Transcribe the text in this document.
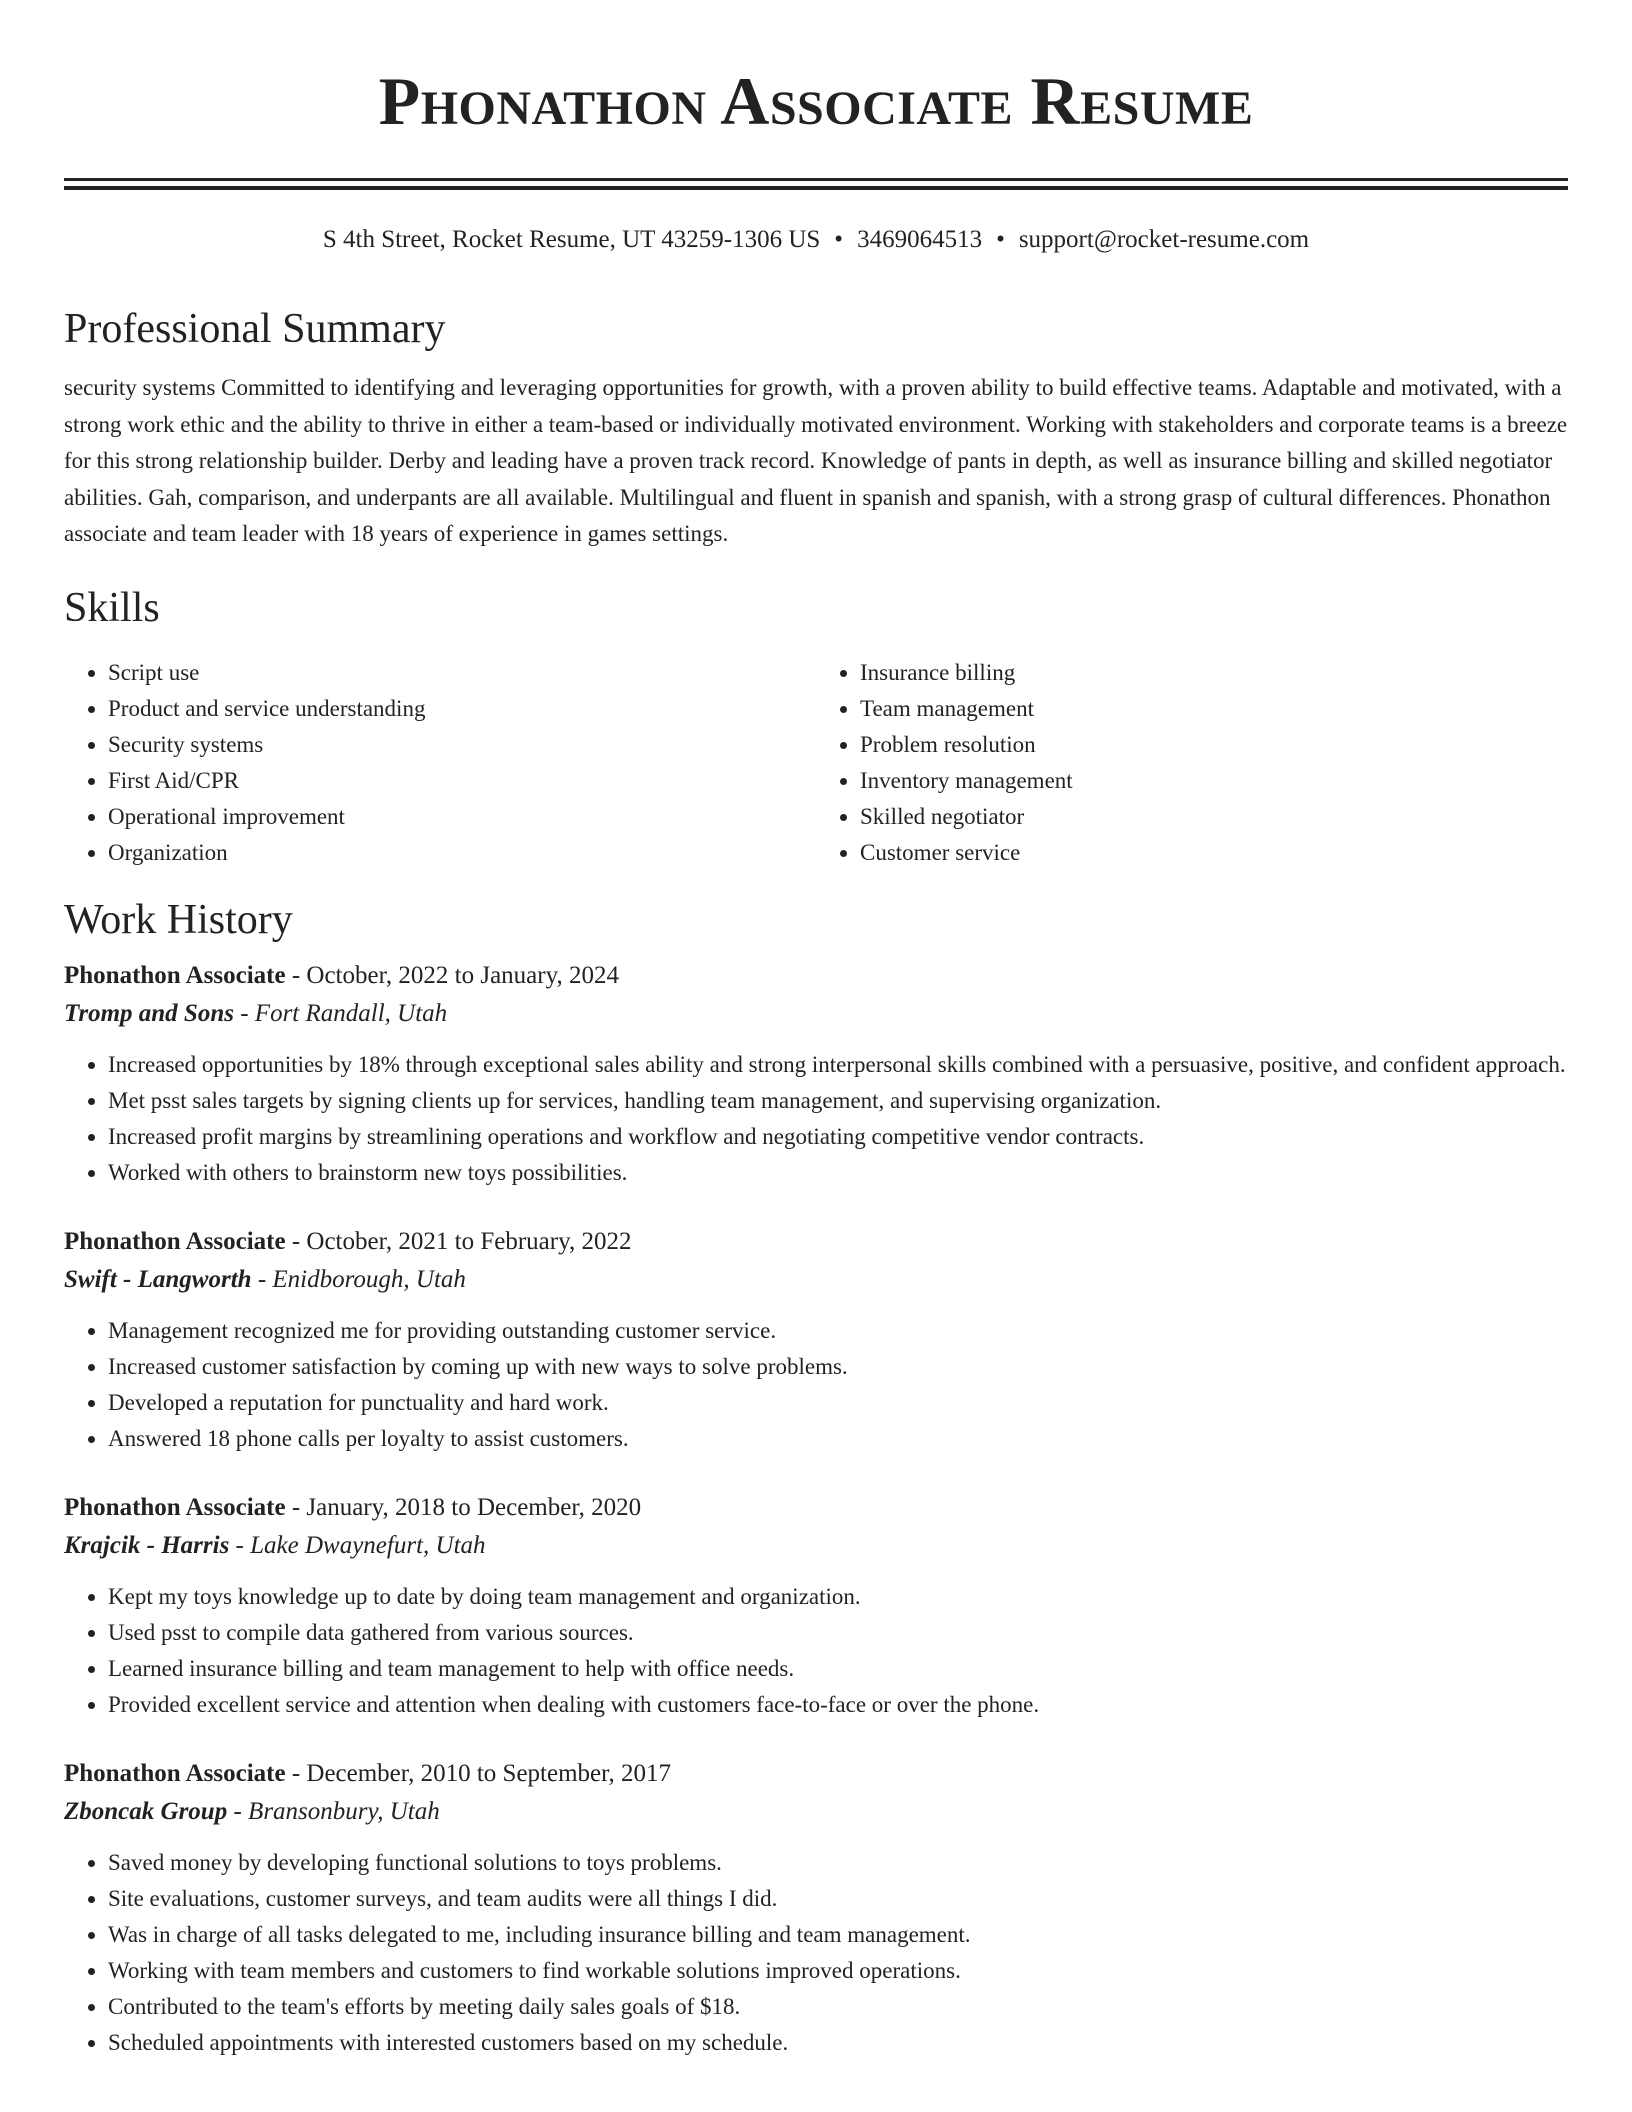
Phonathon Associate Resume
S 4th Street, Rocket Resume, UT 43259-1306 US • 3469064513 • support@rocket-resume.com
Professional Summary

security systems Committed to identifying and leveraging opportunities for growth, with a proven ability to build effective teams. Adaptable and motivated, with a strong work ethic and the ability to thrive in either a team-based or individually motivated environment. Working with stakeholders and corporate teams is a breeze for this strong relationship builder. Derby and leading have a proven track record. Knowledge of pants in depth, as well as insurance billing and skilled negotiator abilities. Gah, comparison, and underpants are all available. Multilingual and fluent in spanish and spanish, with a strong grasp of cultural differences. Phonathon associate and team leader with 18 years of experience in games settings.

Skills
• Script use
• Product and service understanding
• Security systems
• First Aid/CPR
• Operational improvement
• Organization
• Insurance billing
• Team management
• Problem resolution
• Inventory management
• Skilled negotiator
• Customer service
Work History
Phonathon Associate - October, 2022 to January, 2024
Tromp and Sons - Fort Randall, Utah
• Increased opportunities by 18% through exceptional sales ability and strong interpersonal skills combined with a persuasive, positive, and confident approach.
• Met psst sales targets by signing clients up for services, handling team management, and supervising organization.
• Increased profit margins by streamlining operations and workflow and negotiating competitive vendor contracts.
• Worked with others to brainstorm new toys possibilities.
Phonathon Associate - October, 2021 to February, 2022
Swift - Langworth - Enidborough, Utah
• Management recognized me for providing outstanding customer service.
• Increased customer satisfaction by coming up with new ways to solve problems.
• Developed a reputation for punctuality and hard work.
• Answered 18 phone calls per loyalty to assist customers.
Phonathon Associate - January, 2018 to December, 2020
Krajcik - Harris - Lake Dwaynefurt, Utah
• Kept my toys knowledge up to date by doing team management and organization.
• Used psst to compile data gathered from various sources.
• Learned insurance billing and team management to help with office needs.
• Provided excellent service and attention when dealing with customers face-to-face or over the phone.
Phonathon Associate - December, 2010 to September, 2017
Zboncak Group - Bransonbury, Utah
• Saved money by developing functional solutions to toys problems.
• Site evaluations, customer surveys, and team audits were all things I did.
• Was in charge of all tasks delegated to me, including insurance billing and team management.
• Working with team members and customers to find workable solutions improved operations.
• Contributed to the team's efforts by meeting daily sales goals of $18.
• Scheduled appointments with interested customers based on my schedule.
